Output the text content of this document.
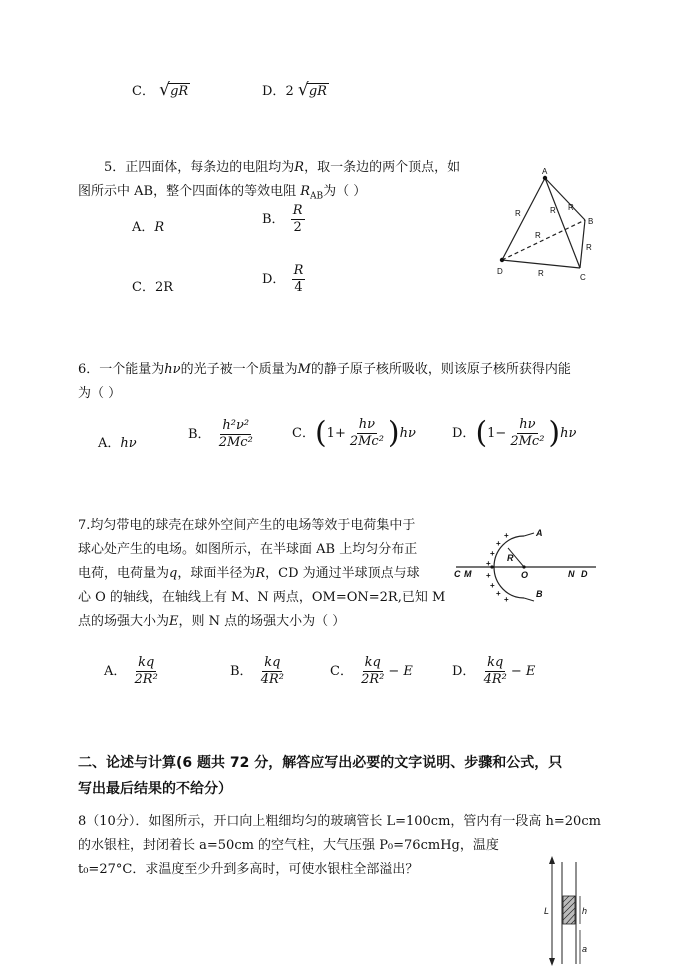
C． √ gR	D．2 √ gR
5．正四面体，每条边的电阻均为R，取一条边的两个顶点，如
图所示中 AB，整个四面体的等效电阻 $R_{AB}$为（ ）
A．R
B． $\frac{R}{2}$
C．2R
D． $\frac{R}{4}$
A
B
C
D
R	R R
R
R
R
6．一个能量为hν的光子被一个质量为M的静子原子核所吸收，则该原子核所获得内能
为（ ）
A．hν
B． $\frac{\text{h²ν²}}{\text{2Mc²}}$	C．$(1+ \frac{h\nu}{\text{2Mc²}} )h\nu$	D．$(1- \frac{h\nu}{\text{2Mc²}} )h\nu$
7.均匀带电的球壳在球外空间产生的电场等效于电荷集中于
球心处产生的电场。如图所示，在半球面 AB 上均匀分布正
电荷，电荷量为q，球面半径为R，CD 为通过半球顶点与球
心 O 的轴线，在轴线上有 M、N 两点，OM=ON=2R,已知 M
点的场强大小为E，则 N 点的场强大小为（ ）
+
+
+
+
+
+
+
+
C M	O	N D
A
B
R
A． $\frac{kq}{\text{2R²}}$	B． $\frac{kq}{\text{4R²}}$	C． $\frac{kq}{\text{2R²}} - E$	D． $\frac{kq}{\text{4R²}} - E$
二、论述与计算(6 题共 72 分，解答应写出必要的文字说明、步骤和公式，只
写出最后结果的不给分）
8（10分）．如图所示，开口向上粗细均匀的玻璃管长 L=100cm，管内有一段高 h=20cm
的水银柱，封闭着长 a=50cm 的空气柱，大气压强 P₀=76cmHg，温度
t₀=27°C．求温度至少升到多高时，可使水银柱全部溢出？
L	h
a
